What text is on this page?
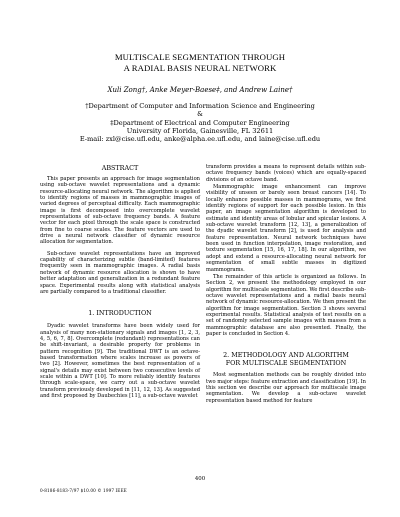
MULTISCALE SEGMENTATION THROUGH
A RADIAL BASIS NEURAL NETWORK
Xuli Zong†, Anke Meyer-Baese‡, and Andrew Laine†
†Department of Computer and Information Science and Engineering
&
‡Department of Electrical and Computer Engineering
University of Florida, Gainesville, FL 32611
E-mail: zxl@cise.ufl.edu, anke@alpha.ee.ufl.edu, and laine@cise.ufl.edu
ABSTRACT

This paper presents an approach for image segmentation using sub-octave wavelet representations and a dynamic resource-allocating neural network. The algorithm is applied to identify regions of masses in mammographic images of varied degrees of perceptual difficulty. Each mammographic image is first decomposed into overcomplete wavelet representations of sub-octave frequency bands. A feature vector for each pixel through the scale space is constructed from fine to coarse scales. The feature vectors are used to drive a neural network classifier of dynamic resource allocation for segmentation.

Sub-octave wavelet representations have an improved capability of characterizing subtle (band-limited) features frequently seen in mammographic images. A radial basis network of dynamic resource allocation is shown to have better adaptation and generalization in a redundant feature space. Experimental results along with statistical analysis are partially compared to a traditional classifier.

1. INTRODUCTION

Dyadic wavelet transforms have been widely used for analysis of many non-stationary signals and images [1, 2, 3, 4, 5, 6, 7, 8]. Overcomplete (redundant) representations can be shift-invariant, a desirable property for problems in pattern recognition [9]. The traditional DWT is an octave-based transformation where scales increase as powers of two [2]. However, sometimes the best representation of a signal's details may exist between two consecutive levels of scale within a DWT [10]. To more reliably identify features through scale-space, we carry out a sub-octave wavelet transform previously developed in [11, 12, 13]. As suggested and first proposed by Daubechies [11], a sub-octave wavelet

transform provides a means to represent details within sub-octave frequency bands (voices) which are equally-spaced divisions of an octave band.

Mammographic image enhancement can improve visibility of unseen or barely seen breast cancers [14]. To locally enhance possible masses in mammograms, we first identify regions of support for each possible lesion. In this paper, an image segmentation algorithm is developed to estimate and identify areas of lobular and spicular lesions. A sub-octave wavelet transform [12, 13], a generalization of the dyadic wavelet transform [2], is used for analysis and feature representation. Neural network techniques have been used in function interpolation, image restoration, and texture segmentation [15, 16, 17, 18]. In our algorithm, we adopt and extend a resource-allocating neural network for segmentation of small subtle masses in digitized mammograms.

The remainder of this article is organized as follows. In Section 2, we present the methodology employed in our algorithm for multiscale segmentation. We first describe sub-octave wavelet representations and a radial basis neural network of dynamic resource-allocation. We then present the algorithm for image segmentation. Section 3 shows several experimental results. Statistical analysis of test results on a set of randomly selected sample images with masses from a mammographic database are also presented. Finally, the paper is concluded in Section 4.

2. METHODOLOGY AND ALGORITHM
FOR MULTISCALE SEGMENTATION

Most segmentation methods can be roughly divided into two major steps: feature extraction and classification [19]. In this section we describe our approach for multiscale image segmentation. We develop a sub-octave wavelet representation based method for feature

400
0-8186-8183-7/97 $10.00 © 1997 IEEE
